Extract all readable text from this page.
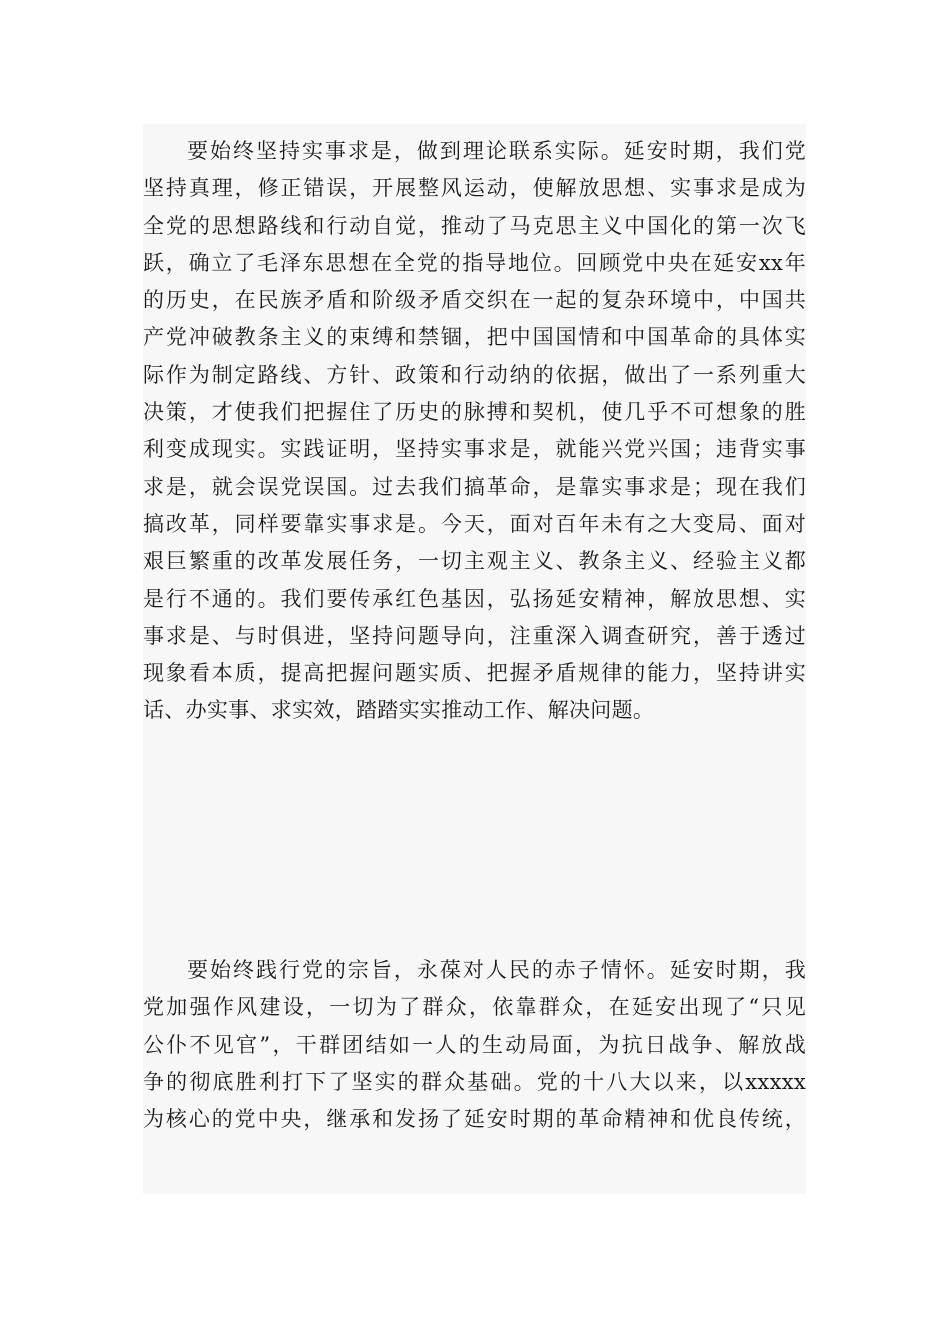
要始终坚持实事求是，做到理论联系实际。延安时期，我们党
坚持真理，修正错误，开展整风运动，使解放思想、实事求是成为
全党的思想路线和行动自觉，推动了马克思主义中国化的第一次飞
跃，确立了毛泽东思想在全党的指导地位。回顾党中央在延安xx年
的历史，在民族矛盾和阶级矛盾交织在一起的复杂环境中，中国共
产党冲破教条主义的束缚和禁锢，把中国国情和中国革命的具体实
际作为制定路线、方针、政策和行动纳的依据，做出了一系列重大
决策，才使我们把握住了历史的脉搏和契机，使几乎不可想象的胜
利变成现实。实践证明，坚持实事求是，就能兴党兴国；违背实事
求是，就会误党误国。过去我们搞革命，是靠实事求是；现在我们
搞改革，同样要靠实事求是。今天，面对百年未有之大变局、面对
艰巨繁重的改革发展任务，一切主观主义、教条主义、经验主义都
是行不通的。我们要传承红色基因，弘扬延安精神，解放思想、实
事求是、与时俱进，坚持问题导向，注重深入调查研究，善于透过
现象看本质，提高把握问题实质、把握矛盾规律的能力，坚持讲实
话、办实事、求实效，踏踏实实推动工作、解决问题。
要始终践行党的宗旨，永葆对人民的赤子情怀。延安时期，我
党加强作风建设，一切为了群众，依靠群众，在延安出现了“只见
公仆不见官”，干群团结如一人的生动局面，为抗日战争、解放战
争的彻底胜利打下了坚实的群众基础。党的十八大以来，以xxxxx
为核心的党中央，继承和发扬了延安时期的革命精神和优良传统，
